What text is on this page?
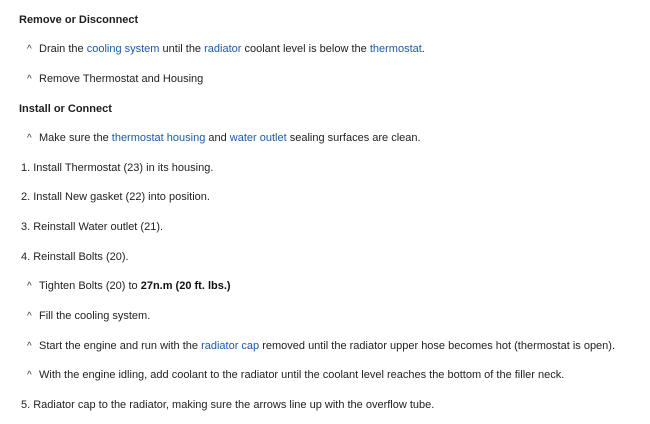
Remove or Disconnect
^ Drain the cooling system until the radiator coolant level is below the thermostat.
^ Remove Thermostat and Housing
Install or Connect
^ Make sure the thermostat housing and water outlet sealing surfaces are clean.
1. Install Thermostat (23) in its housing.
2. Install New gasket (22) into position.
3. Reinstall Water outlet (21).
4. Reinstall Bolts (20).
^ Tighten Bolts (20) to 27n.m (20 ft. lbs.)
^ Fill the cooling system.
^ Start the engine and run with the radiator cap removed until the radiator upper hose becomes hot (thermostat is open).
^ With the engine idling, add coolant to the radiator until the coolant level reaches the bottom of the filler neck.
5. Radiator cap to the radiator, making sure the arrows line up with the overflow tube.
